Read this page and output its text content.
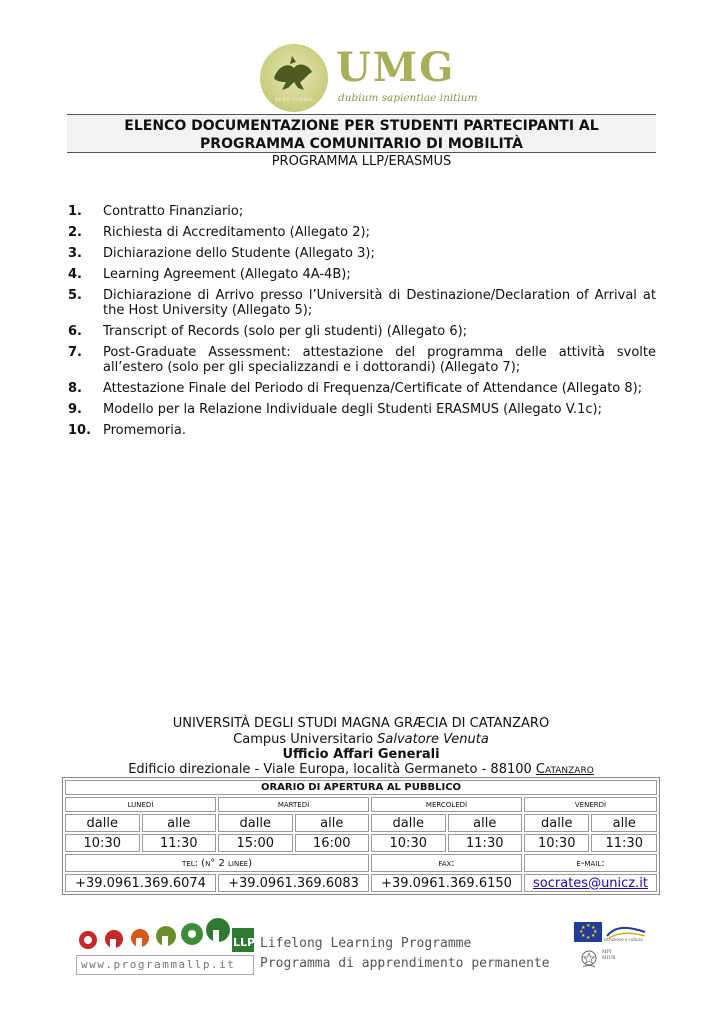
SPES FIRMA
UMG
dubium sapientiae initium
ELENCO DOCUMENTAZIONE PER STUDENTI PARTECIPANTI AL
PROGRAMMA COMUNITARIO DI MOBILITÀ
PROGRAMMA LLP/ERASMUS
1. Contratto Finanziario;
2. Richiesta di Accreditamento (Allegato 2);
3. Dichiarazione dello Studente (Allegato 3);
4. Learning Agreement (Allegato 4A-4B);
5. Dichiarazione di Arrivo presso l’Università di Destinazione/Declaration of Arrival at the Host University (Allegato 5);
6. Transcript of Records (solo per gli studenti) (Allegato 6);
7. Post-Graduate Assessment: attestazione del programma delle attività svolte all’estero (solo per gli specializzandi e i dottorandi) (Allegato 7);
8. Attestazione Finale del Periodo di Frequenza/Certificate of Attendance (Allegato 8);
9. Modello per la Relazione Individuale degli Studenti ERASMUS (Allegato V.1c);
10. Promemoria.
UNIVERSITÀ DEGLI STUDI MAGNA GRÆCIA DI CATANZARO
Campus Universitario Salvatore Venuta
Ufficio Affari Generali
Edificio direzionale - Viale Europa, località Germaneto - 88100 Catanzaro
ORARIO DI APERTURA AL PUBBLICO							
lunedì		martedì		mercoledì		venerdì	
dalle	alle	dalle	alle	dalle	alle	dalle	alle
10:30	11:30	15:00	16:00	10:30	11:30	10:30	11:30
tel: (n° 2 linee)				fax:		e-mail:	
+39.0961.369.6074		+39.0961.369.6083		+39.0961.369.6150		socrates@unicz.it	
LLP
www.programmallp.it
Lifelong Learning Programme
Programma di apprendimento permanente
★ ★
★
★
★
★
★
★
Istruzione e cultura
MPI
MIUR
